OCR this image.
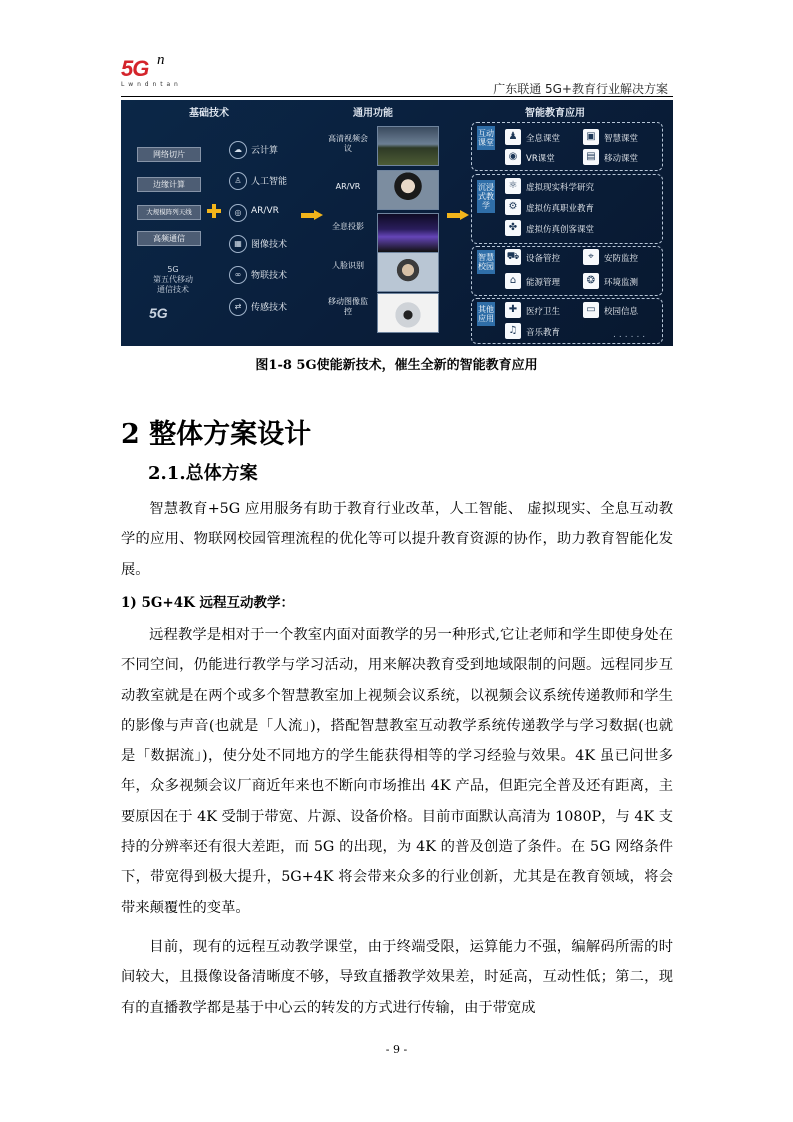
5G n
L w n d n t a n	广东联通 5G+教育行业解决方案
基础技术	通用功能	智能教育应用
网络切片
边缘计算
大规模阵列天线
高频通信
5G
第五代移动
通信技术
5G
☁	云计算
♙	人工智能
◎	AR/VR
▦	图像技术
∞	物联技术
⇄	传感技术
高清视频会议
AR/VR
全息投影
人脸识别
移动图像监控
互动课堂
沉浸式教学
智慧校园
其他应用
♟	全息课堂	▣ 智慧课堂
◉	VR课堂	▤ 移动课堂
⚛	虚拟现实科学研究
⚙	虚拟仿真职业教育
✤	虚拟仿真创客课堂
⛟ 设备管控	⌖	安防监控
⌂	能源管理	❂	环境监测
✚	医疗卫生	▭ 校园信息
♫	音乐教育	......
图1-8 5G使能新技术，催生全新的智能教育应用
2 整体方案设计
2.1.总体方案
智慧教育+5G 应用服务有助于教育行业改革，人工智能、 虚拟现实、全息互动教学的应用、物联网校园管理流程的优化等可以提升教育资源的协作，助力教育智能化发展。
1) 5G+4K 远程互动教学：
远程教学是相对于一个教室内面对面教学的另一种形式,它让老师和学生即使身处在不同空间，仍能进行教学与学习活动，用来解决教育受到地域限制的问题。远程同步互动教室就是在两个或多个智慧教室加上视频会议系统，以视频会议系统传递教师和学生的影像与声音(也就是「人流」)，搭配智慧教室互动教学系统传递教学与学习数据(也就是「数据流」)，使分处不同地方的学生能获得相等的学习经验与效果。4K 虽已问世多年，众多视频会议厂商近年来也不断向市场推出 4K 产品，但距完全普及还有距离，主要原因在于 4K 受制于带宽、片源、设备价格。目前市面默认高清为 1080P，与 4K 支持的分辨率还有很大差距，而 5G 的出现，为 4K 的普及创造了条件。在 5G 网络条件下，带宽得到极大提升，5G+4K 将会带来众多的行业创新，尤其是在教育领域，将会带来颠覆性的变革。
目前，现有的远程互动教学课堂，由于终端受限，运算能力不强，编解码所需的时间较大，且摄像设备清晰度不够，导致直播教学效果差，时延高，互动性低；第二，现有的直播教学都是基于中心云的转发的方式进行传输，由于带宽成
- 9 -
